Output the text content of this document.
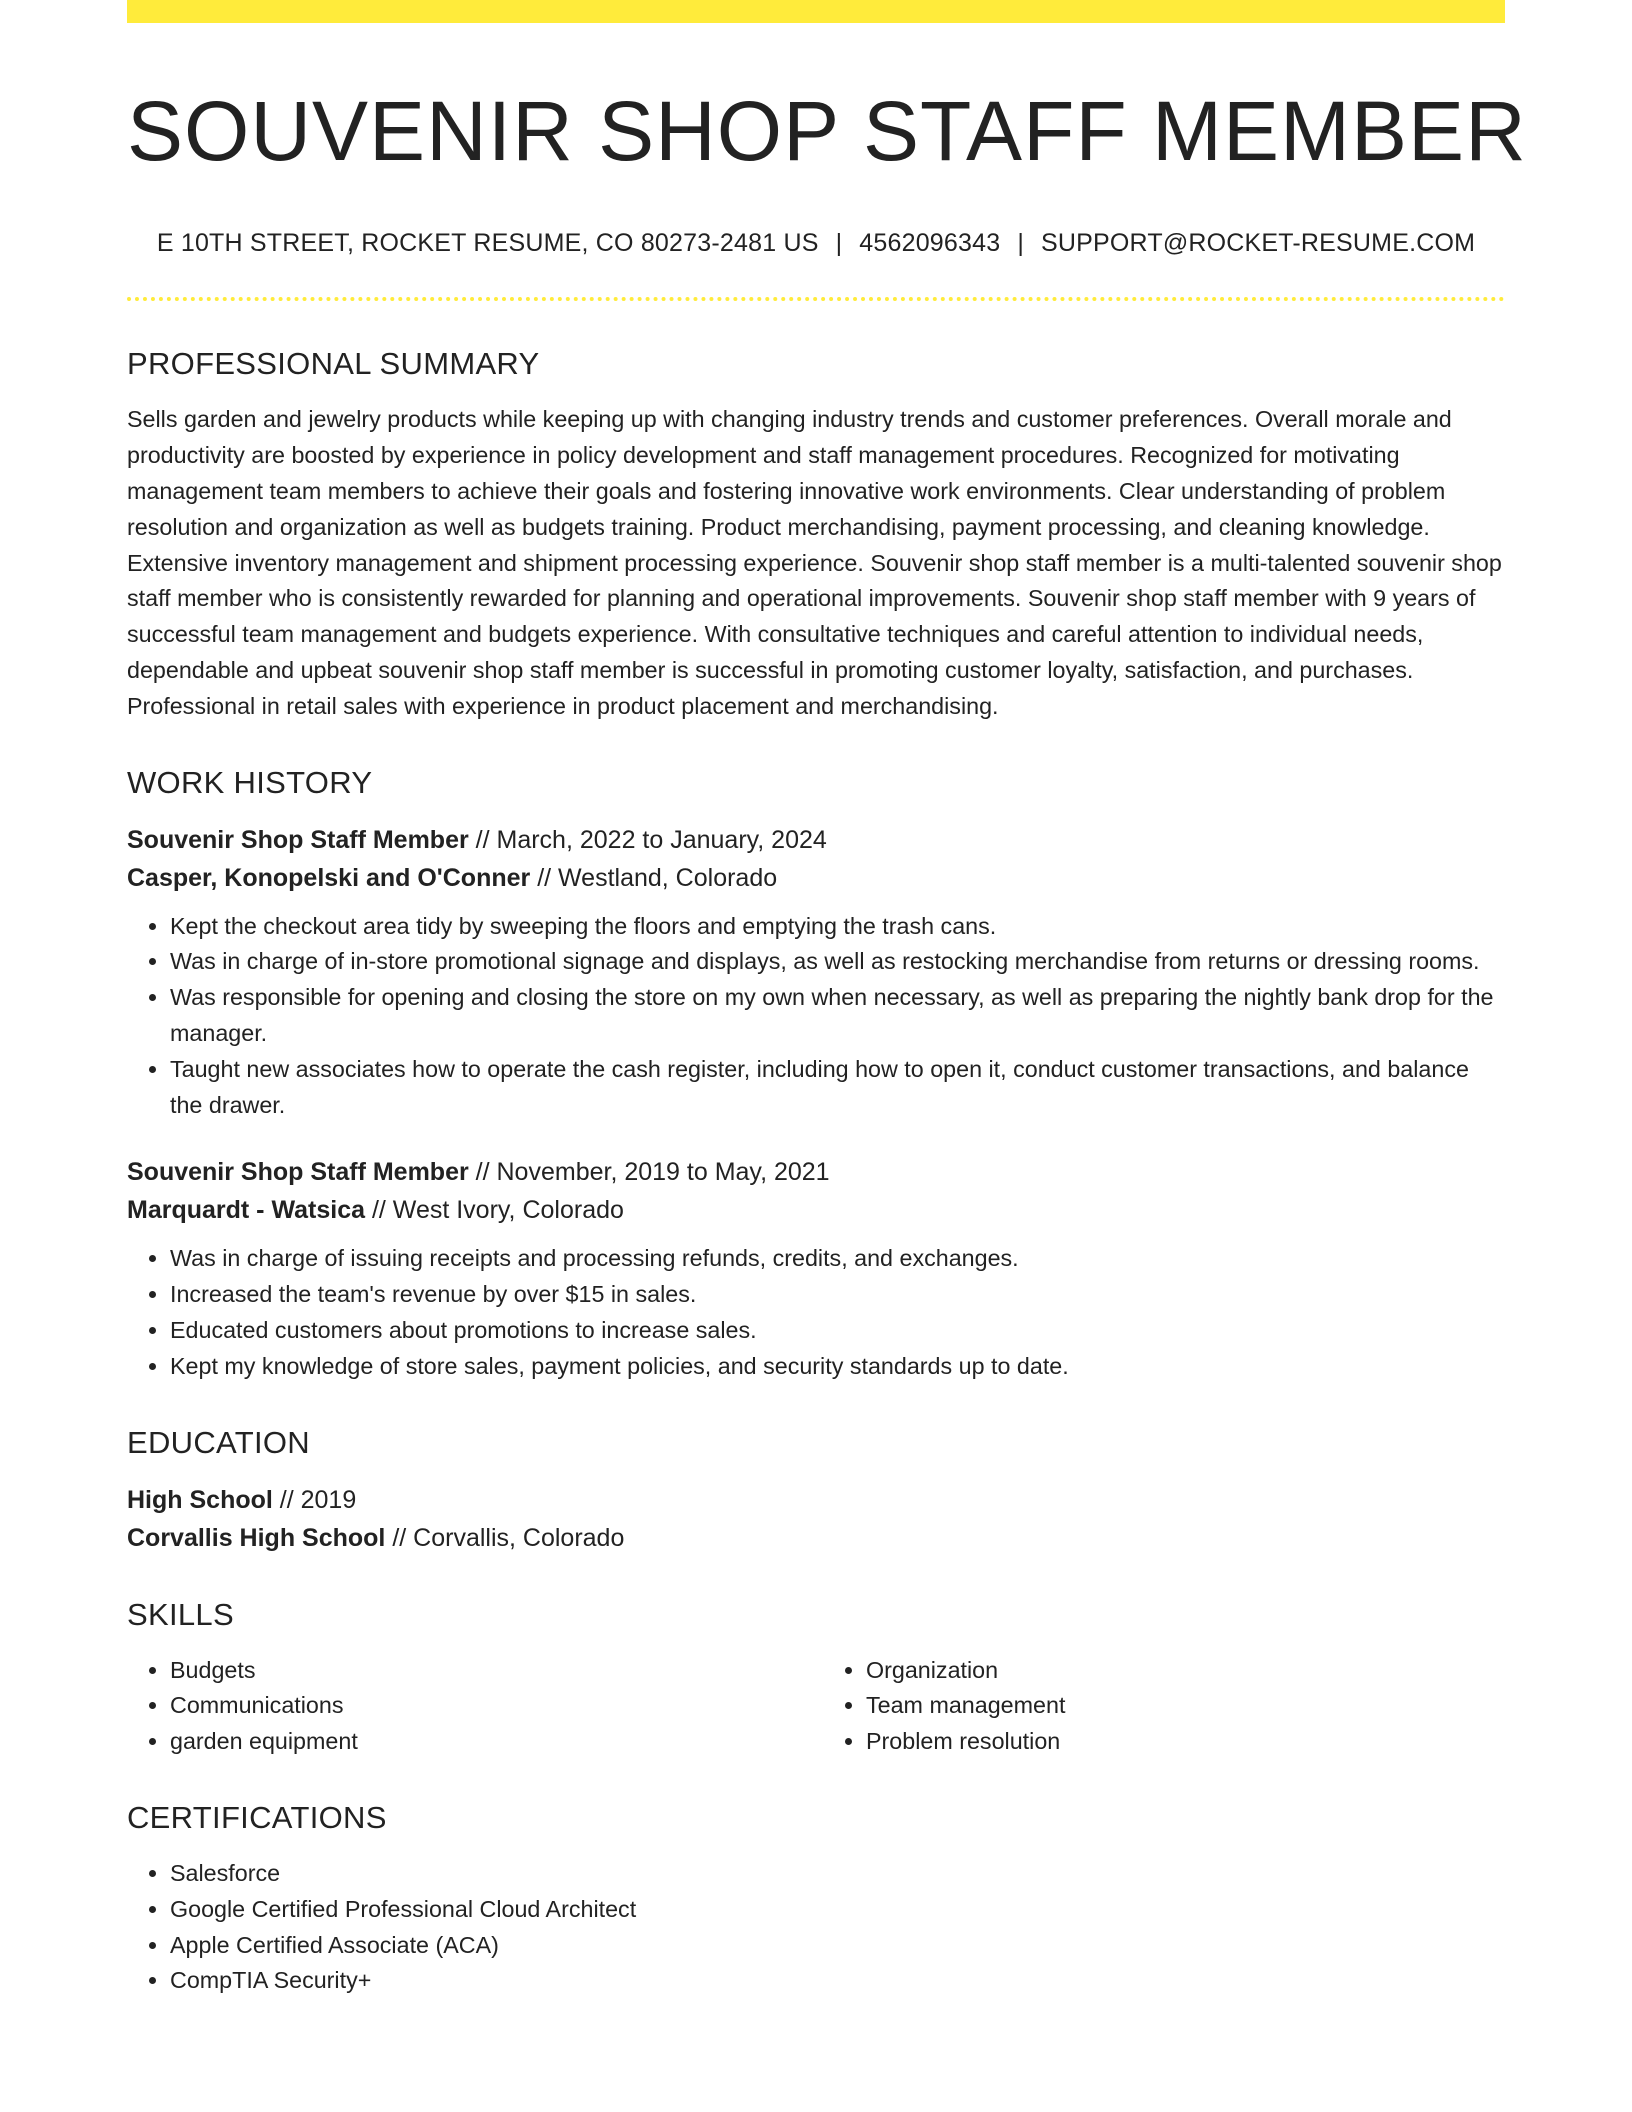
SOUVENIR SHOP STAFF MEMBER
E 10TH STREET, ROCKET RESUME, CO 80273-2481 US | 4562096343 | SUPPORT@ROCKET-RESUME.COM
PROFESSIONAL SUMMARY

Sells garden and jewelry products while keeping up with changing industry trends and customer preferences. Overall morale and productivity are boosted by experience in policy development and staff management procedures. Recognized for motivating management team members to achieve their goals and fostering innovative work environments. Clear understanding of problem resolution and organization as well as budgets training. Product merchandising, payment processing, and cleaning knowledge. Extensive inventory management and shipment processing experience. Souvenir shop staff member is a multi-talented souvenir shop staff member who is consistently rewarded for planning and operational improvements. Souvenir shop staff member with 9 years of successful team management and budgets experience. With consultative techniques and careful attention to individual needs, dependable and upbeat souvenir shop staff member is successful in promoting customer loyalty, satisfaction, and purchases. Professional in retail sales with experience in product placement and merchandising.

WORK HISTORY
Souvenir Shop Staff Member // March, 2022 to January, 2024
Casper, Konopelski and O'Conner // Westland, Colorado
• Kept the checkout area tidy by sweeping the floors and emptying the trash cans.
• Was in charge of in-store promotional signage and displays, as well as restocking merchandise from returns or dressing rooms.
• Was responsible for opening and closing the store on my own when necessary, as well as preparing the nightly bank drop for the manager.
• Taught new associates how to operate the cash register, including how to open it, conduct customer transactions, and balance the drawer.
Souvenir Shop Staff Member // November, 2019 to May, 2021
Marquardt - Watsica // West Ivory, Colorado
• Was in charge of issuing receipts and processing refunds, credits, and exchanges.
• Increased the team's revenue by over $15 in sales.
• Educated customers about promotions to increase sales.
• Kept my knowledge of store sales, payment policies, and security standards up to date.
EDUCATION
High School // 2019
Corvallis High School // Corvallis, Colorado
SKILLS
• Budgets
• Communications
• garden equipment
• Organization
• Team management
• Problem resolution
CERTIFICATIONS
• Salesforce
• Google Certified Professional Cloud Architect
• Apple Certified Associate (ACA)
• CompTIA Security+
